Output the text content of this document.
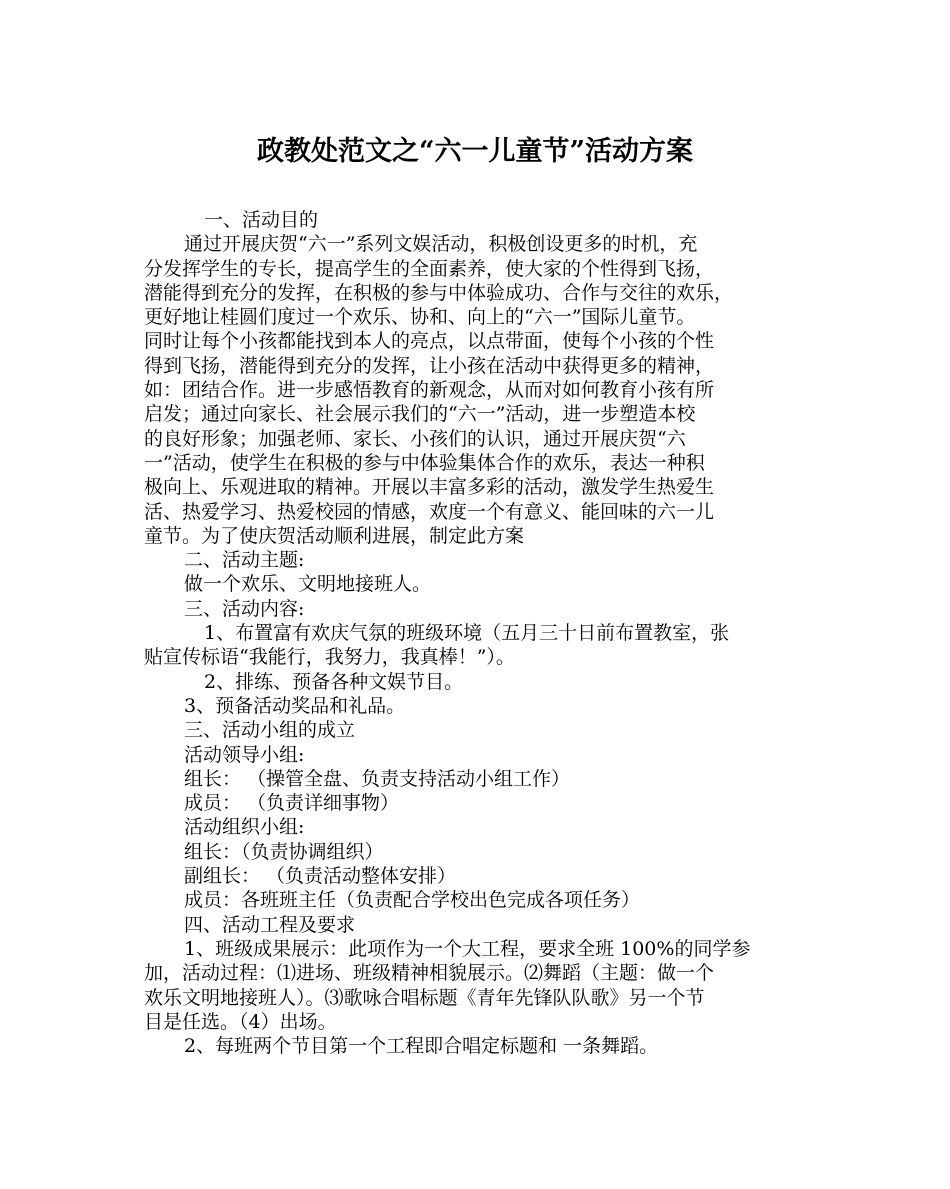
政教处范文之“六一儿童节”活动方案
一、活动目的
通过开展庆贺“六一”系列文娱活动，积极创设更多的时机，充
分发挥学生的专长，提高学生的全面素养，使大家的个性得到飞扬，
潜能得到充分的发挥，在积极的参与中体验成功、合作与交往的欢乐，
更好地让桂圆们度过一个欢乐、协和、向上的“六一”国际儿童节。
同时让每个小孩都能找到本人的亮点，以点带面，使每个小孩的个性
得到飞扬，潜能得到充分的发挥，让小孩在活动中获得更多的精神，
如：团结合作。进一步感悟教育的新观念，从而对如何教育小孩有所
启发；通过向家长、社会展示我们的“六一”活动，进一步塑造本校
的良好形象；加强老师、家长、小孩们的认识，通过开展庆贺“六
一”活动，使学生在积极的参与中体验集体合作的欢乐，表达一种积
极向上、乐观进取的精神。开展以丰富多彩的活动，激发学生热爱生
活、热爱学习、热爱校园的情感，欢度一个有意义、能回味的六一儿
童节。为了使庆贺活动顺利进展，制定此方案
二、活动主题:
做一个欢乐、文明地接班人。
三、活动内容:
1、布置富有欢庆气氛的班级环境（五月三十日前布置教室，张
贴宣传标语“我能行，我努力，我真棒！”）。
2、排练、预备各种文娱节目。
3、预备活动奖品和礼品。
三、活动小组的成立
活动领导小组:
组长： （操管全盘、负责支持活动小组工作）
成员： （负责详细事物）
活动组织小组:
组长：（负责协调组织）
副组长： （负责活动整体安排）
成员：各班班主任（负责配合学校出色完成各项任务）
四、活动工程及要求
1、班级成果展示：此项作为一个大工程，要求全班 100%的同学参
加，活动过程：⑴进场、班级精神相貌展示。⑵舞蹈（主题：做一个
欢乐文明地接班人）。⑶歌咏合唱标题《青年先锋队队歌》另一个节
目是任选。（4）出场。
2、每班两个节目第一个工程即合唱定标题和 一条舞蹈。
